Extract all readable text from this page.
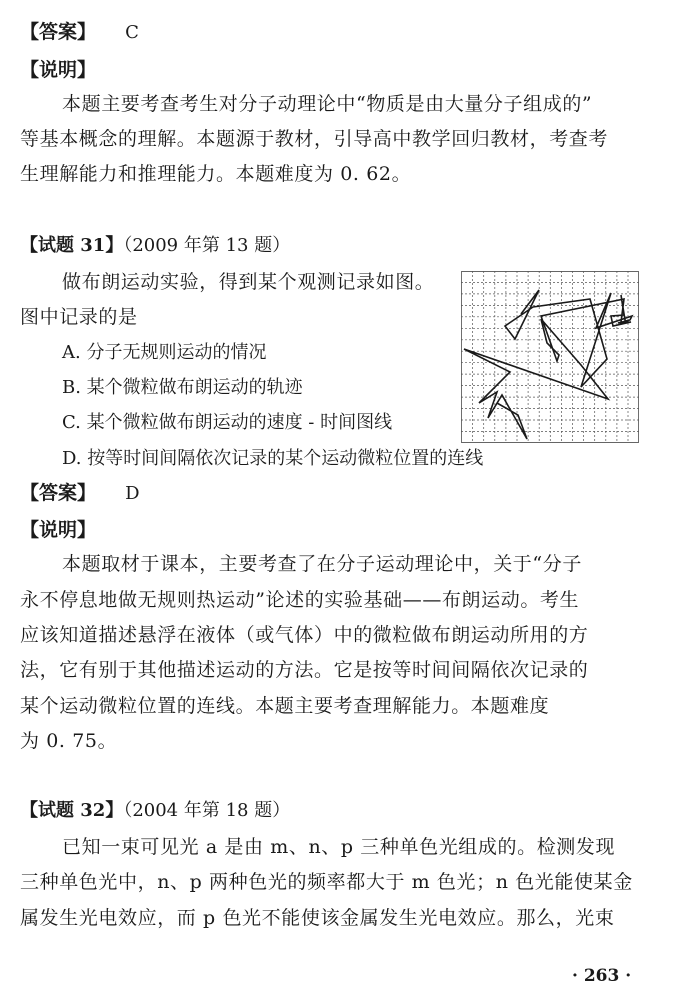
【答案】 C
【说明】
本题主要考查考生对分子动理论中“物质是由大量分子组成的”
等基本概念的理解。本题源于教材，引导高中教学回归教材，考查考
生理解能力和推理能力。本题难度为 0. 62。
【试题 31】（2009 年第 13 题）
做布朗运动实验，得到某个观测记录如图。
图中记录的是
A. 分子无规则运动的情况
B. 某个微粒做布朗运动的轨迹
C. 某个微粒做布朗运动的速度 - 时间图线
D. 按等时间间隔依次记录的某个运动微粒位置的连线
【答案】 D
【说明】
本题取材于课本，主要考查了在分子运动理论中，关于“分子
永不停息地做无规则热运动”论述的实验基础——布朗运动。考生
应该知道描述悬浮在液体（或气体）中的微粒做布朗运动所用的方
法，它有别于其他描述运动的方法。它是按等时间间隔依次记录的
某个运动微粒位置的连线。本题主要考查理解能力。本题难度
为 0. 75。
【试题 32】（2004 年第 18 题）
已知一束可见光 a 是由 m、n、p 三种单色光组成的。检测发现
三种单色光中，n、p 两种色光的频率都大于 m 色光；n 色光能使某金
属发生光电效应，而 p 色光不能使该金属发生光电效应。那么，光束
· 263 ·
